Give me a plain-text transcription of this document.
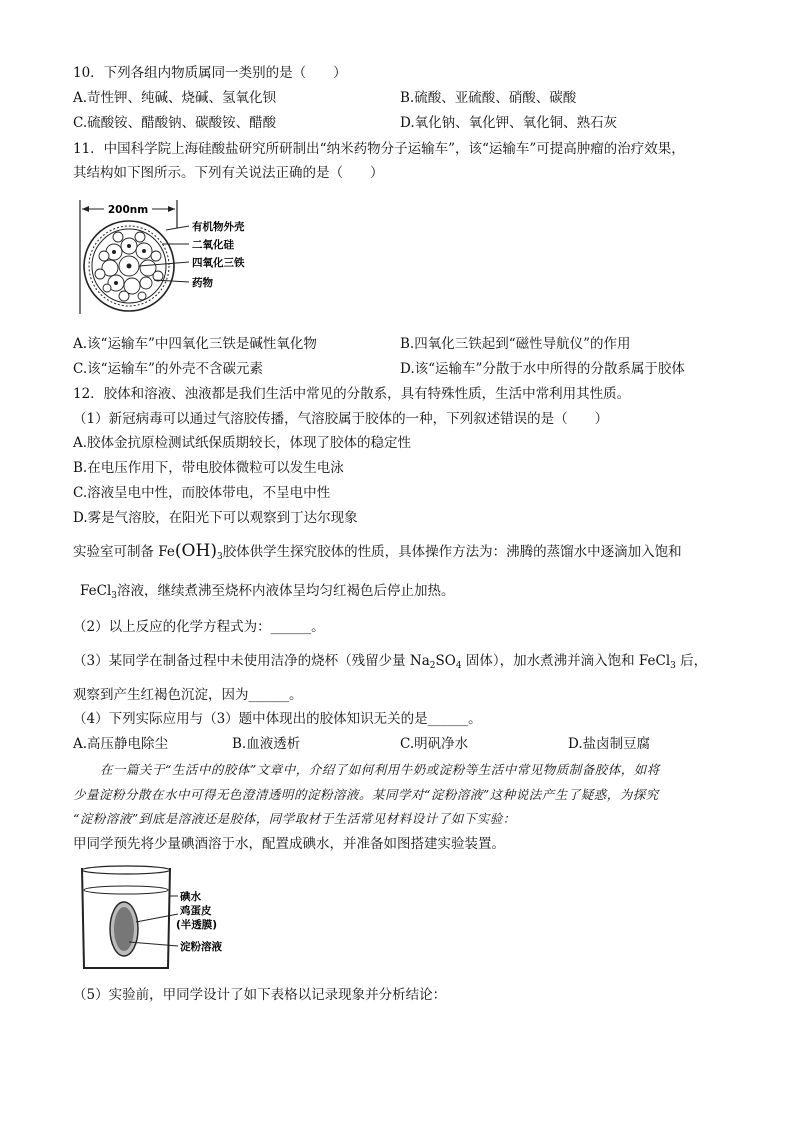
10．下列各组内物质属同一类别的是（　　）
A.苛性钾、纯碱、烧碱、氢氧化钡	B.硫酸、亚硫酸、硝酸、碳酸
C.硫酸铵、醋酸钠、碳酸铵、醋酸	D.氧化钠、氧化钾、氧化铜、熟石灰
11．中国科学院上海硅酸盐研究所研制出“纳米药物分子运输车”，该“运输车”可提高肿瘤的治疗效果，
其结构如下图所示。下列有关说法正确的是（　　）
200nm
有机物外壳
二氧化硅
四氧化三铁
药物
A.该“运输车”中四氧化三铁是碱性氧化物	B.四氧化三铁起到“磁性导航仪”的作用
C.该“运输车”的外壳不含碳元素	D.该“运输车”分散于水中所得的分散系属于胶体
12．胶体和溶液、浊液都是我们生活中常见的分散系，具有特殊性质，生活中常利用其性质。
（1）新冠病毒可以通过气溶胶传播，气溶胶属于胶体的一种，下列叙述错误的是（　　）
A.胶体金抗原检测试纸保质期较长，体现了胶体的稳定性
B.在电压作用下，带电胶体微粒可以发生电泳
C.溶液呈电中性，而胶体带电，不呈电中性
D.雾是气溶胶，在阳光下可以观察到丁达尔现象
实验室可制备 $Fe(OH)_3$胶体供学生探究胶体的性质，具体操作方法为：沸腾的蒸馏水中逐滴加入饱和
FeCl$_3$溶液，继续煮沸至烧杯内液体呈均匀红褐色后停止加热。
（2）以上反应的化学方程式为：______。
（3）某同学在制备过程中未使用洁净的烧杯（残留少量 $Na_2SO_4$ 固体），加水煮沸并滴入饱和 FeCl$_3$ 后，
观察到产生红褐色沉淀，因为______。
（4）下列实际应用与（3）题中体现出的胶体知识无关的是______。
A.高压静电除尘	B.血液透析	C.明矾净水	D.盐卤制豆腐
在一篇关于“生活中的胶体”文章中，介绍了如何利用牛奶或淀粉等生活中常见物质制备胶体，如将
少量淀粉分散在水中可得无色澄清透明的淀粉溶液。某同学对“淀粉溶液”这种说法产生了疑惑，为探究
“淀粉溶液”到底是溶液还是胶体，同学取材于生活常见材料设计了如下实验：
甲同学预先将少量碘酒溶于水，配置成碘水，并准备如图搭建实验装置。
碘水
鸡蛋皮
(半透膜)
淀粉溶液
（5）实验前，甲同学设计了如下表格以记录现象并分析结论：
